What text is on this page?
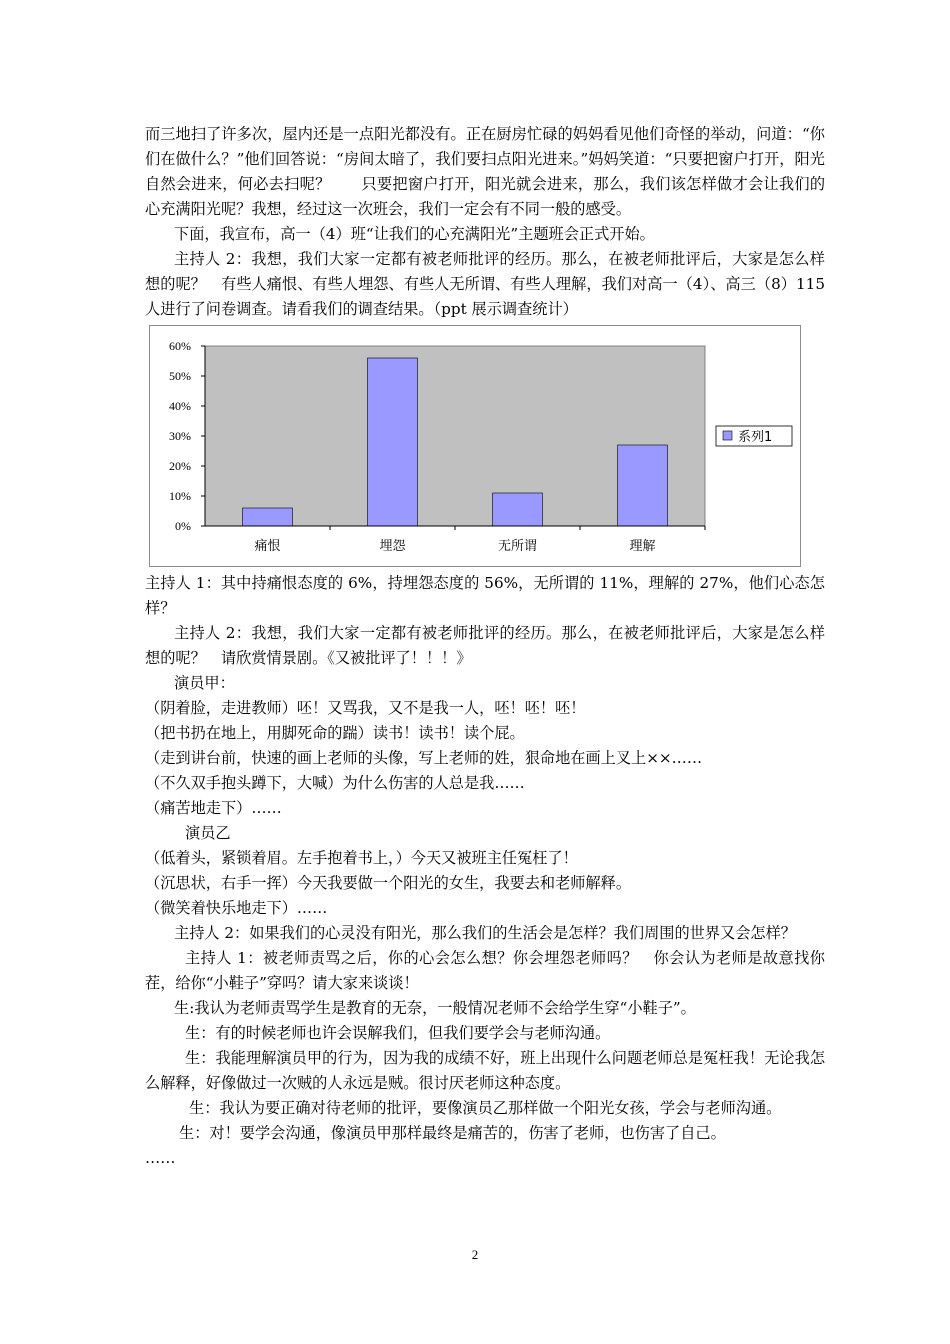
而三地扫了许多次，屋内还是一点阳光都没有。正在厨房忙碌的妈妈看见他们奇怪的举动，问道：“你们在做什么？”他们回答说：“房间太暗了，我们要扫点阳光进来。”妈妈笑道：“只要把窗户打开，阳光自然会进来，何必去扫呢？　　只要把窗户打开，阳光就会进来，那么，我们该怎样做才会让我们的心充满阳光呢？我想，经过这一次班会，我们一定会有不同一般的感受。

下面，我宣布，高一（4）班“让我们的心充满阳光”主题班会正式开始。

主持人 2：我想，我们大家一定都有被老师批评的经历。那么，在被老师批评后，大家是怎么样想的呢？　有些人痛恨、有些人埋怨、有些人无所谓、有些人理解，我们对高一（4）、高三（8）115 人进行了问卷调查。请看我们的调查结果。（ppt 展示调查统计）

0%
10%
20%
30%
40%
50%
60%
痛恨	埋怨	无所谓	理解
系列1

主持人 1：其中持痛恨态度的 6%，持埋怨态度的 56%，无所谓的 11%，理解的 27%，他们心态怎样？

主持人 2：我想，我们大家一定都有被老师批评的经历。那么，在被老师批评后，大家是怎么样想的呢？　请欣赏情景剧。《又被批评了！！！》

演员甲：

（阴着脸，走进教师）呸！又骂我，又不是我一人，呸！呸！呸！

（把书扔在地上，用脚死命的踹）读书！读书！读个屁。

（走到讲台前，快速的画上老师的头像，写上老师的姓，狠命地在画上叉上××……

（不久双手抱头蹲下，大喊）为什么伤害的人总是我……

（痛苦地走下）……

演员乙

（低着头，紧锁着眉。左手抱着书上，）今天又被班主任冤枉了！

（沉思状，右手一挥）今天我要做一个阳光的女生，我要去和老师解释。

（微笑着快乐地走下）……

主持人 2：如果我们的心灵没有阳光，那么我们的生活会是怎样？我们周围的世界又会怎样？

主持人 1：被老师责骂之后，你的心会怎么想？你会埋怨老师吗？　你会认为老师是故意找你茬，给你“小鞋子”穿吗？请大家来谈谈！

生:我认为老师责骂学生是教育的无奈，一般情况老师不会给学生穿“小鞋子”。

生：有的时候老师也许会误解我们，但我们要学会与老师沟通。

生：我能理解演员甲的行为，因为我的成绩不好，班上出现什么问题老师总是冤枉我！无论我怎么解释，好像做过一次贼的人永远是贼。很讨厌老师这种态度。

生：我认为要正确对待老师的批评，要像演员乙那样做一个阳光女孩，学会与老师沟通。

生：对！要学会沟通，像演员甲那样最终是痛苦的，伤害了老师，也伤害了自己。

……

2
